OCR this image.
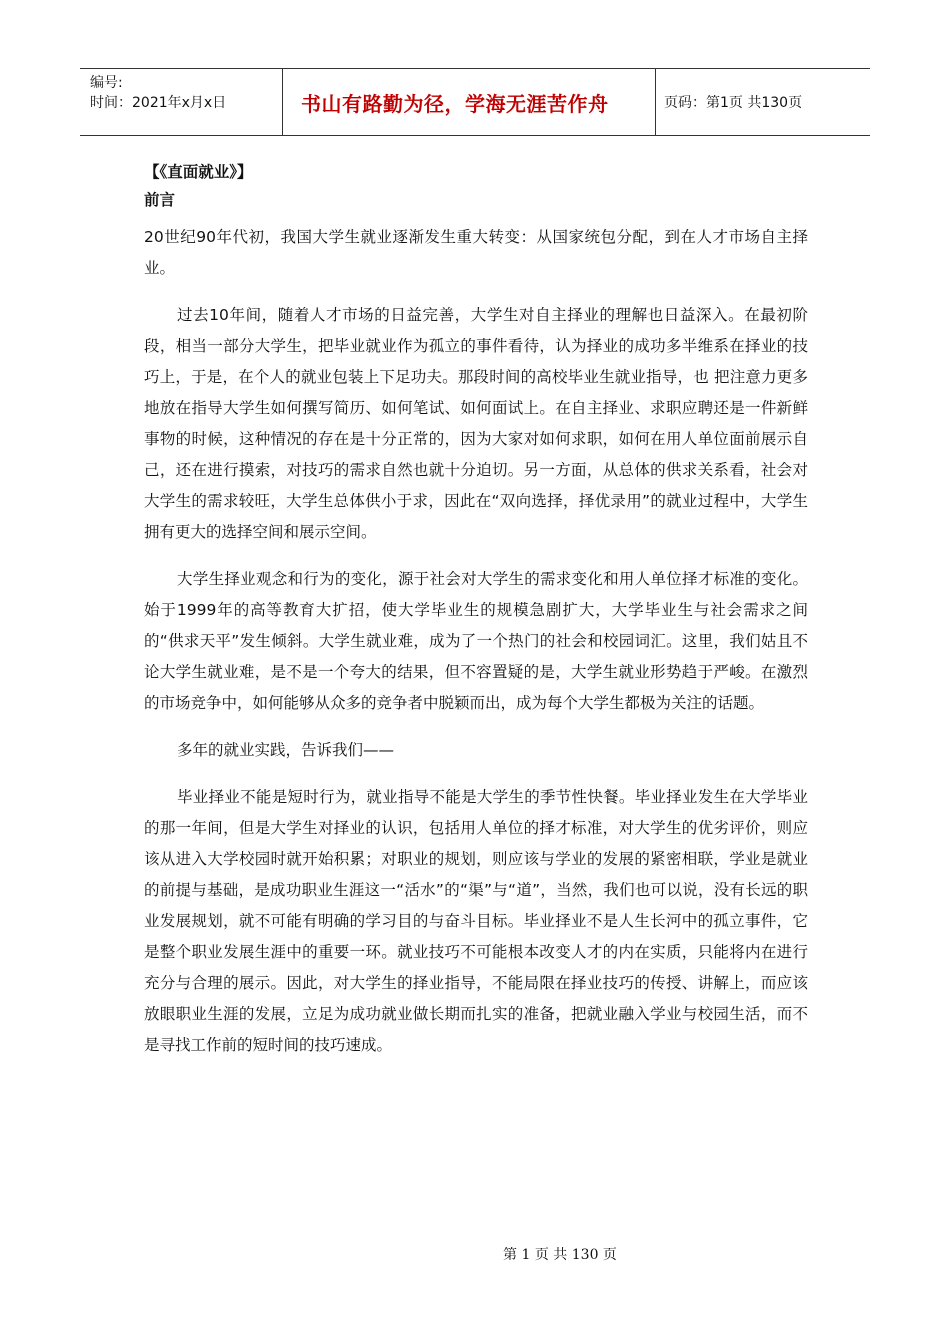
编号:
时间：2021年x月x日	书山有路勤为径，学海无涯苦作舟	页码：第1页 共130页
【《直面就业》】
前言

20世纪90年代初，我国大学生就业逐渐发生重大转变：从国家统包分配，到在人才市场自主择业。

过去10年间，随着人才市场的日益完善，大学生对自主择业的理解也日益深入。在最初阶段，相当一部分大学生，把毕业就业作为孤立的事件看待，认为择业的成功多半维系在择业的技巧上，于是，在个人的就业包装上下足功夫。那段时间的高校毕业生就业指导，也 把注意力更多地放在指导大学生如何撰写简历、如何笔试、如何面试上。在自主择业、求职应聘还是一件新鲜事物的时候，这种情况的存在是十分正常的，因为大家对如何求职，如何在用人单位面前展示自己，还在进行摸索，对技巧的需求自然也就十分迫切。另一方面，从总体的供求关系看，社会对大学生的需求较旺，大学生总体供小于求，因此在“双向选择，择优录用”的就业过程中，大学生拥有更大的选择空间和展示空间。

大学生择业观念和行为的变化，源于社会对大学生的需求变化和用人单位择才标准的变化。始于1999年的高等教育大扩招，使大学毕业生的规模急剧扩大，大学毕业生与社会需求之间的“供求天平”发生倾斜。大学生就业难，成为了一个热门的社会和校园词汇。这里，我们姑且不论大学生就业难，是不是一个夸大的结果，但不容置疑的是，大学生就业形势趋于严峻。在激烈的市场竞争中，如何能够从众多的竞争者中脱颖而出，成为每个大学生都极为关注的话题。

多年的就业实践，告诉我们——

毕业择业不能是短时行为，就业指导不能是大学生的季节性快餐。毕业择业发生在大学毕业的那一年间，但是大学生对择业的认识，包括用人单位的择才标准，对大学生的优劣评价，则应该从进入大学校园时就开始积累；对职业的规划，则应该与学业的发展的紧密相联，学业是就业的前提与基础，是成功职业生涯这一“活水”的“渠”与“道”，当然，我们也可以说，没有长远的职业发展规划，就不可能有明确的学习目的与奋斗目标。毕业择业不是人生长河中的孤立事件，它是整个职业发展生涯中的重要一环。就业技巧不可能根本改变人才的内在实质，只能将内在进行充分与合理的展示。因此，对大学生的择业指导，不能局限在择业技巧的传授、讲解上，而应该放眼职业生涯的发展，立足为成功就业做长期而扎实的准备，把就业融入学业与校园生活，而不是寻找工作前的短时间的技巧速成。

第 1 页 共 130 页
